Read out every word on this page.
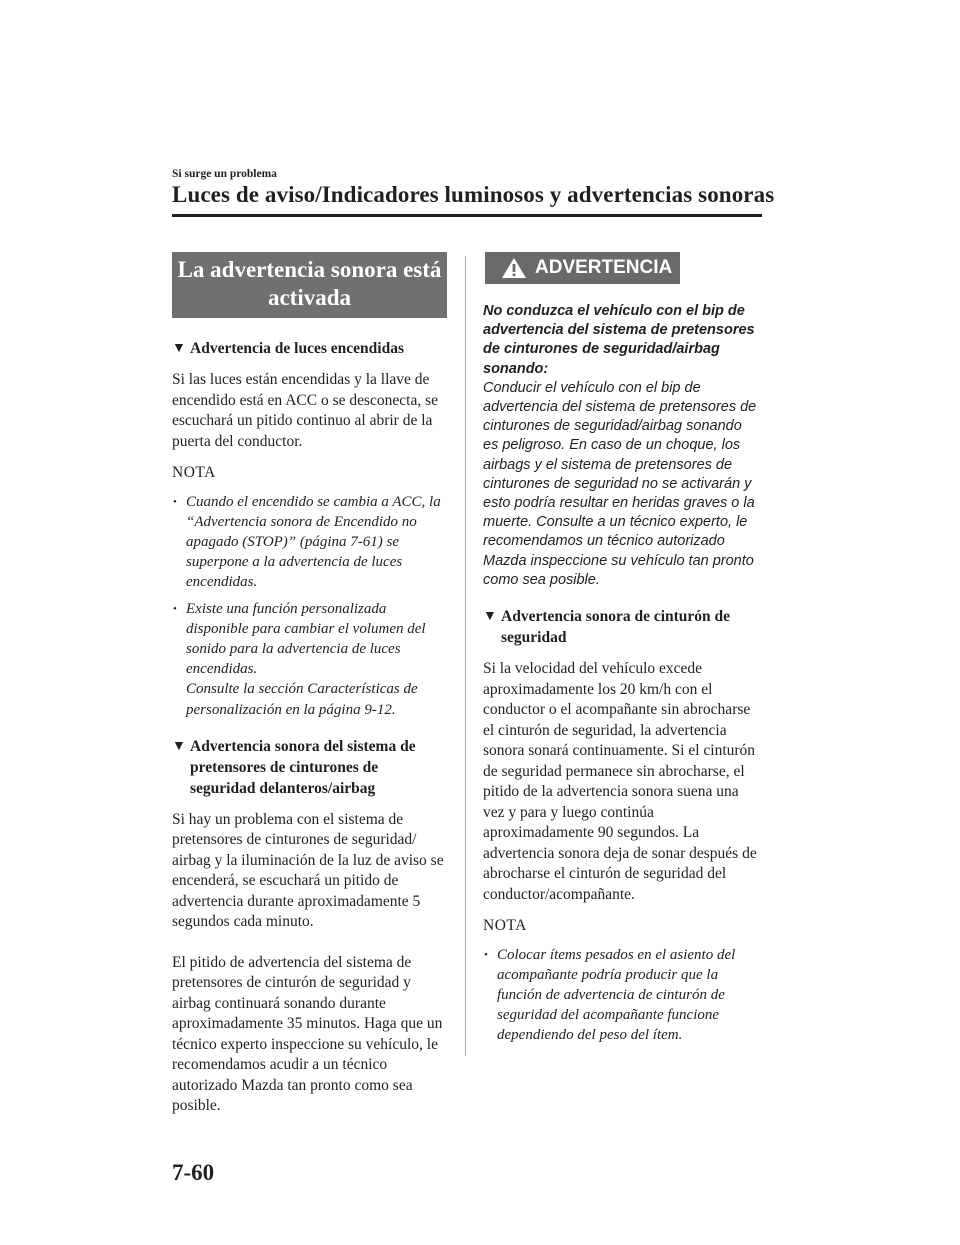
Si surge un problema
Luces de aviso/Indicadores luminosos y advertencias sonoras
La advertencia sonora está activada
▼ Advertencia de luces encendidas

Si las luces están encendidas y la llave de encendido está en ACC o se desconecta, se escuchará un pitido continuo al abrir de la puerta del conductor.

NOTA

• Cuando el encendido se cambia a ACC, la “Advertencia sonora de Encendido no apagado (STOP)” (página 7-61) se superpone a la advertencia de luces encendidas.
• Existe una función personalizada disponible para cambiar el volumen del sonido para la advertencia de luces encendidas.
Consulte la sección Características de personalización en la página 9-12.
▼ Advertencia sonora del sistema de pretensores de cinturones de seguridad delanteros/airbag

Si hay un problema con el sistema de pretensores de cinturones de seguridad/ airbag y la iluminación de la luz de aviso se encenderá, se escuchará un pitido de advertencia durante aproximadamente 5 segundos cada minuto.

El pitido de advertencia del sistema de pretensores de cinturón de seguridad y airbag continuará sonando durante aproximadamente 35 minutos. Haga que un técnico experto inspeccione su vehículo, le recomendamos acudir a un técnico autorizado Mazda tan pronto como sea posible.

ADVERTENCIA

No conduzca el vehículo con el bip de advertencia del sistema de pretensores de cinturones de seguridad/airbag sonando:

Conducir el vehículo con el bip de advertencia del sistema de pretensores de cinturones de seguridad/airbag sonando es peligroso. En caso de un choque, los airbags y el sistema de pretensores de cinturones de seguridad no se activarán y esto podría resultar en heridas graves o la muerte. Consulte a un técnico experto, le recomendamos un técnico autorizado Mazda inspeccione su vehículo tan pronto como sea posible.

▼ Advertencia sonora de cinturón de seguridad

Si la velocidad del vehículo excede aproximadamente los 20 km/h con el conductor o el acompañante sin abrocharse el cinturón de seguridad, la advertencia sonora sonará continuamente. Si el cinturón de seguridad permanece sin abrocharse, el pitido de la advertencia sonora suena una vez y para y luego continúa aproximadamente 90 segundos. La advertencia sonora deja de sonar después de abrocharse el cinturón de seguridad del conductor/acompañante.

NOTA

• Colocar ítems pesados en el asiento del acompañante podría producir que la función de advertencia de cinturón de seguridad del acompañante funcione dependiendo del peso del ítem.
7-60
